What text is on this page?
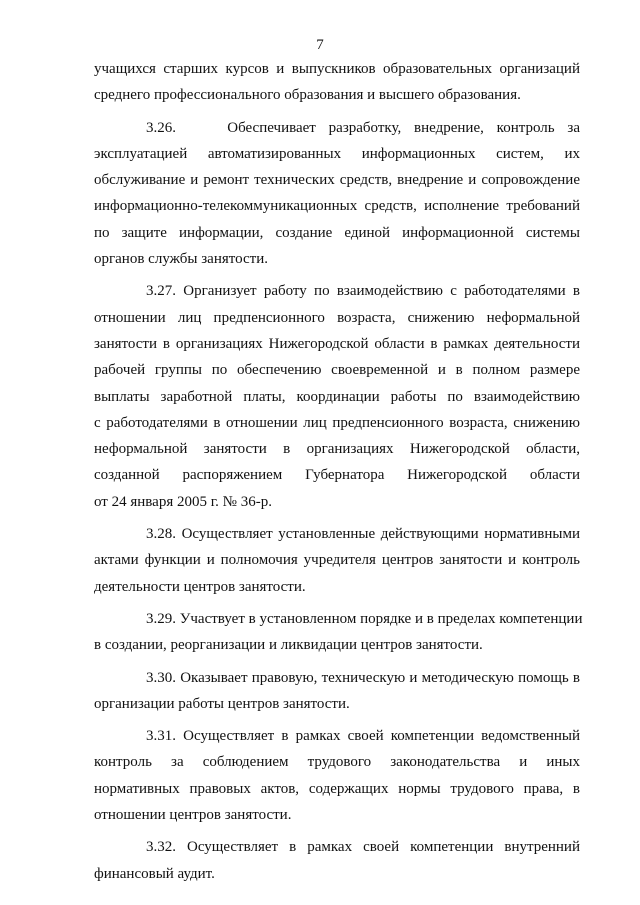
7
учащихся старших курсов и выпускников образовательных организаций
среднего профессионального образования и высшего образования.
3.26.    Обеспечивает разработку, внедрение, контроль за
эксплуатацией автоматизированных информационных систем, их
обслуживание и ремонт технических средств, внедрение и сопровождение
информационно-телекоммуникационных средств, исполнение требований
по защите информации, создание единой информационной системы
органов службы занятости.
3.27. Организует работу по взаимодействию с работодателями в
отношении лиц предпенсионного возраста, снижению неформальной
занятости в организациях Нижегородской области в рамках деятельности
рабочей группы по обеспечению своевременной и в полном размере
выплаты заработной платы, координации работы по взаимодействию
с работодателями в отношении лиц предпенсионного возраста, снижению
неформальной занятости в организациях Нижегородской области,
созданной распоряжением Губернатора Нижегородской области
от 24 января 2005 г. № 36-р.
3.28. Осуществляет установленные действующими нормативными
актами функции и полномочия учредителя центров занятости и контроль
деятельности центров занятости.
3.29. Участвует в установленном порядке и в пределах компетенции
в создании, реорганизации и ликвидации центров занятости.
3.30. Оказывает правовую, техническую и методическую помощь в
организации работы центров занятости.
3.31. Осуществляет в рамках своей компетенции ведомственный
контроль за соблюдением трудового законодательства и иных
нормативных правовых актов, содержащих нормы трудового права, в
отношении центров занятости.
3.32. Осуществляет в рамках своей компетенции внутренний
финансовый аудит.
